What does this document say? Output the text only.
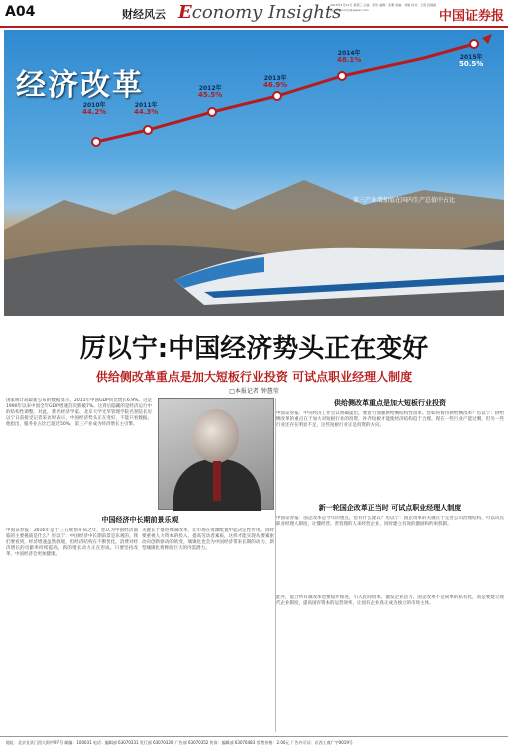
A04	财经风云 Economy Insights
2015年1月21日 星期三 主编：李彤 编辑：张雅 美编：刘瑞 校对：王毅 投稿邮箱：economy@paper.com	中国证券报
经济改革
2010年
44.2%
2011年
44.3%
2012年
45.5%
2013年
46.9%
2014年
48.1%	2015年
50.5%
第三产业增加值在国内生产总值中占比
厉以宁:中国经济势头正在变好
供给侧改革重点是加大短板行业投资 可试点职业经理人制度
□本报记者 钟慧莹
国家统计局最新公布的数据显示，2015年中国GDP同比增长6.9%。这是1990年以来中国全年GDP增速首次跌破7%。这背后隐藏的是经济运行中的结构性调整。对此，著名经济学家、北京大学光华管理学院名誉院长厉以宁日前接受记者采访时表示，中国经济势头正在变好，不能只看数据。他指出，服务业占比已超过50%，第三产业成为经济增长主引擎。
供给侧改革重点是加大短板行业投资
中国证券报：中央经济工作会议明确提出，要着力加强供给侧结构性改革。您如何看待供给侧改革？厉以宁：供给侧改革的重点在于加大对短板行业的投资，补齐短板才能使经济结构趋于合理。现在一些行业产能过剩，但另一些行业还存在明显不足，这些短板行业正是投资的方向。
中国经济中长期前景乐观
中国证券报：2016年是十三五规划开局之年，您认为中国经济面临的主要挑战是什么？厉以宁：中国经济中长期前景是乐观的。我们要看到，经济增速虽然放缓，但经济结构在不断优化，消费对经济增长的贡献率持续提高，新的增长动力正在形成。只要坚持改革，中国经济会更加健康。
关键在于推进体制改革，让市场在资源配置中起决定性作用。同时要重视人力资本的投入，提高劳动者素质，这样才能实现从要素驱动向创新驱动的转变。城镇化也会为中国经济带来长期的动力，新型城镇化将释放巨大的内需潜力。
新一轮国企改革正当时 可试点职业经理人制度
中国证券报：国企改革是今年的重点，您有什么建议？厉以宁：国企改革的关键在于完善公司治理结构，可以试点职业经理人制度，让懂经营、善管理的人来经营企业，同时建立有效的激励和约束机制。
此外，混合所有制改革也要稳步推进，引入民间资本，激发企业活力。国企改革不是简单的私有化，而是要建立现代企业制度，提高国有资本的运营效率，让国有企业真正成为独立的市场主体。
地址：北京宣武门西大街甲97号 邮编：100031 电话：编辑部 63070331 发行部 63070320 广告部 63070352 传真：编辑部 63070483 零售价格：2.00元 广告许可证：京西工商广字0019号
